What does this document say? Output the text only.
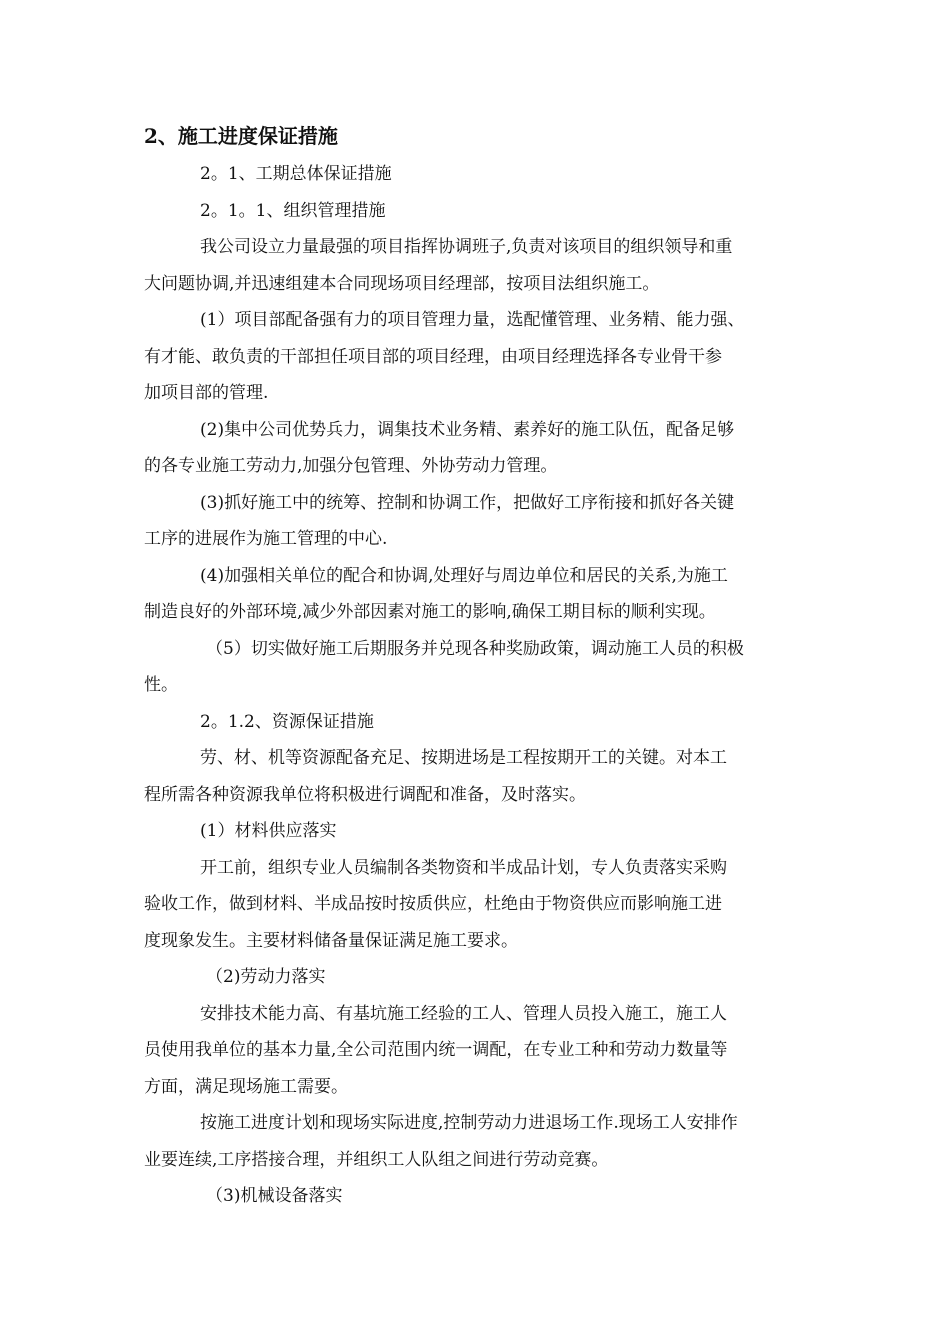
2、施工进度保证措施
2。1、工期总体保证措施
2。1。1、组织管理措施
我公司设立力量最强的项目指挥协调班子,负责对该项目的组织领导和重
大问题协调,并迅速组建本合同现场项目经理部，按项目法组织施工。
(1）项目部配备强有力的项目管理力量，选配懂管理、业务精、能力强、
有才能、敢负责的干部担任项目部的项目经理，由项目经理选择各专业骨干参
加项目部的管理.
(2)集中公司优势兵力，调集技术业务精、素养好的施工队伍，配备足够
的各专业施工劳动力,加强分包管理、外协劳动力管理。
(3)抓好施工中的统筹、控制和协调工作，把做好工序衔接和抓好各关键
工序的进展作为施工管理的中心.
(4)加强相关单位的配合和协调,处理好与周边单位和居民的关系,为施工
制造良好的外部环境,减少外部因素对施工的影响,确保工期目标的顺利实现。
（5）切实做好施工后期服务并兑现各种奖励政策，调动施工人员的积极
性。
2。1.2、资源保证措施
劳、材、机等资源配备充足、按期进场是工程按期开工的关键。对本工
程所需各种资源我单位将积极进行调配和准备，及时落实。
(1）材料供应落实
开工前，组织专业人员编制各类物资和半成品计划，专人负责落实采购
验收工作，做到材料、半成品按时按质供应，杜绝由于物资供应而影响施工进
度现象发生。主要材料储备量保证满足施工要求。
（2)劳动力落实
安排技术能力高、有基坑施工经验的工人、管理人员投入施工，施工人
员使用我单位的基本力量,全公司范围内统一调配，在专业工种和劳动力数量等
方面，满足现场施工需要。
按施工进度计划和现场实际进度,控制劳动力进退场工作.现场工人安排作
业要连续,工序搭接合理，并组织工人队组之间进行劳动竞赛。
（3)机械设备落实
